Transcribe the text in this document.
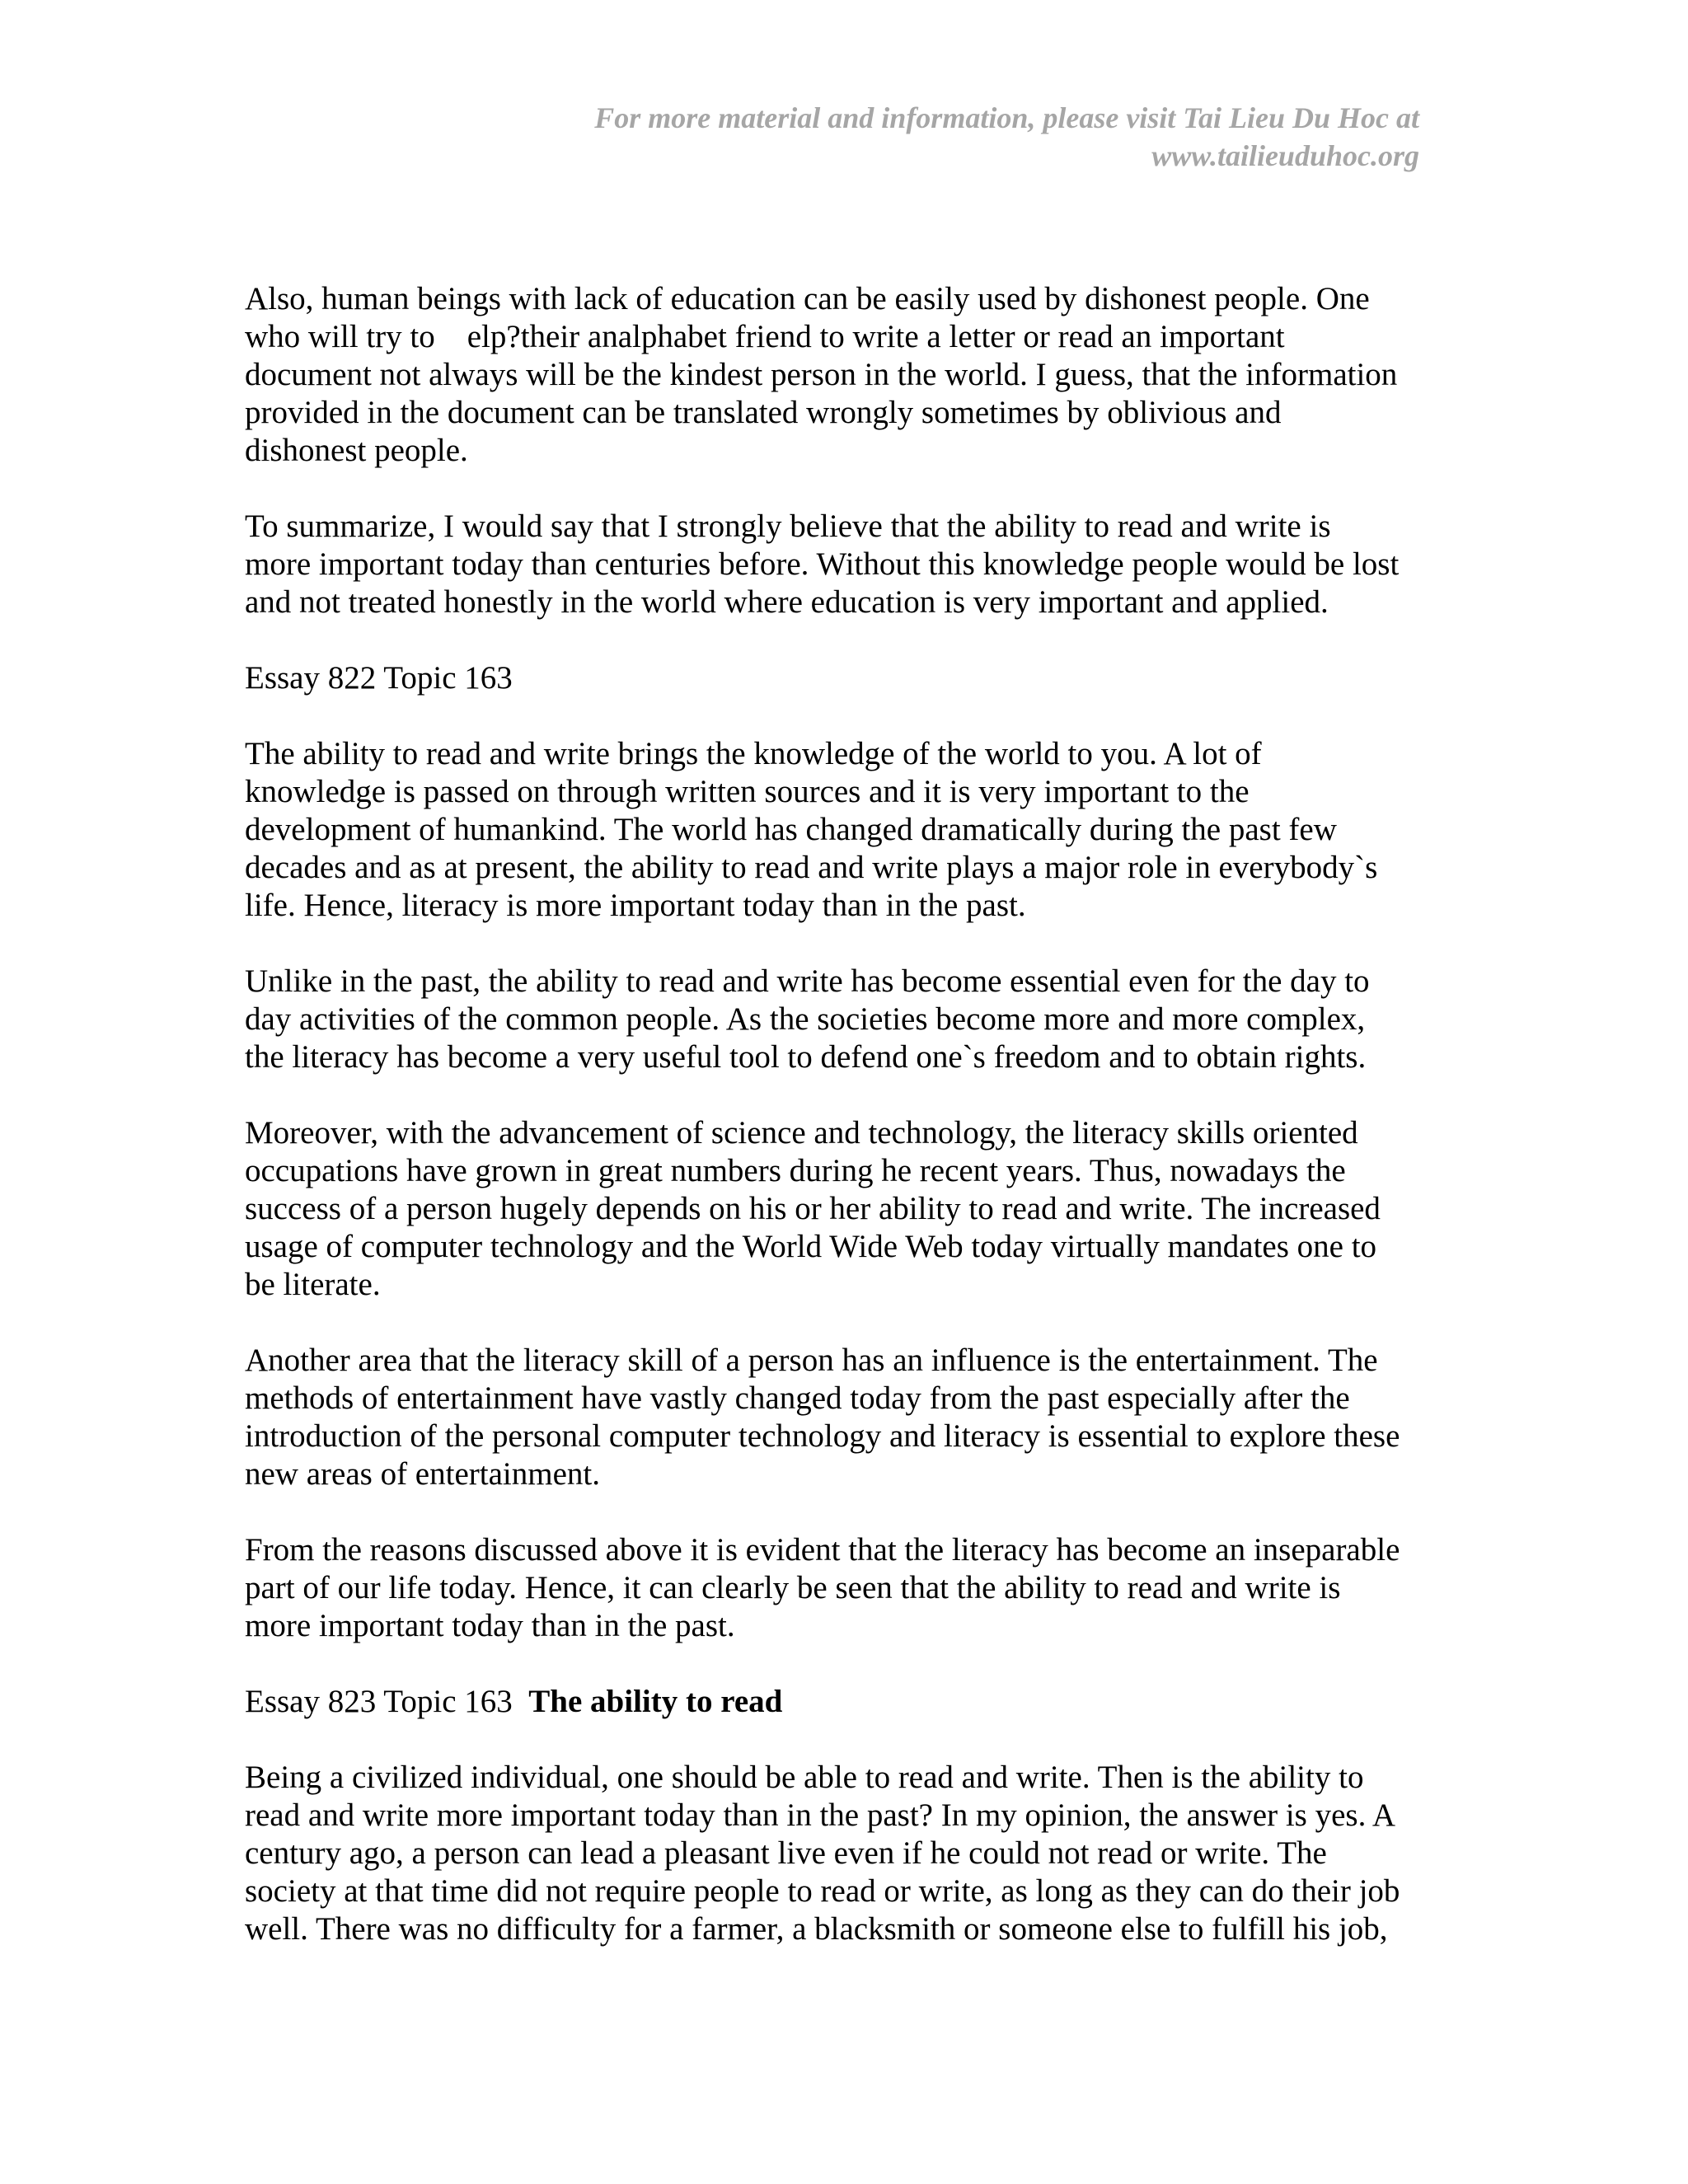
For more material and information, please visit Tai Lieu Du Hoc at
www.tailieuduhoc.org
Also, human beings with lack of education can be easily used by dishonest people. One
who will try to    elp?their analphabet friend to write a letter or read an important
document not always will be the kindest person in the world. I guess, that the information
provided in the document can be translated wrongly sometimes by oblivious and
dishonest people.
To summarize, I would say that I strongly believe that the ability to read and write is
more important today than centuries before. Without this knowledge people would be lost
and not treated honestly in the world where education is very important and applied.
Essay 822 Topic 163
The ability to read and write brings the knowledge of the world to you. A lot of
knowledge is passed on through written sources and it is very important to the
development of humankind. The world has changed dramatically during the past few
decades and as at present, the ability to read and write plays a major role in everybody`s
life. Hence, literacy is more important today than in the past.
Unlike in the past, the ability to read and write has become essential even for the day to
day activities of the common people. As the societies become more and more complex,
the literacy has become a very useful tool to defend one`s freedom and to obtain rights.
Moreover, with the advancement of science and technology, the literacy skills oriented
occupations have grown in great numbers during he recent years. Thus, nowadays the
success of a person hugely depends on his or her ability to read and write. The increased
usage of computer technology and the World Wide Web today virtually mandates one to
be literate.
Another area that the literacy skill of a person has an influence is the entertainment. The
methods of entertainment have vastly changed today from the past especially after the
introduction of the personal computer technology and literacy is essential to explore these
new areas of entertainment.
From the reasons discussed above it is evident that the literacy has become an inseparable
part of our life today. Hence, it can clearly be seen that the ability to read and write is
more important today than in the past.
Essay 823 Topic 163 The ability to read
Being a civilized individual, one should be able to read and write. Then is the ability to
read and write more important today than in the past? In my opinion, the answer is yes. A
century ago, a person can lead a pleasant live even if he could not read or write. The
society at that time did not require people to read or write, as long as they can do their job
well. There was no difficulty for a farmer, a blacksmith or someone else to fulfill his job,
